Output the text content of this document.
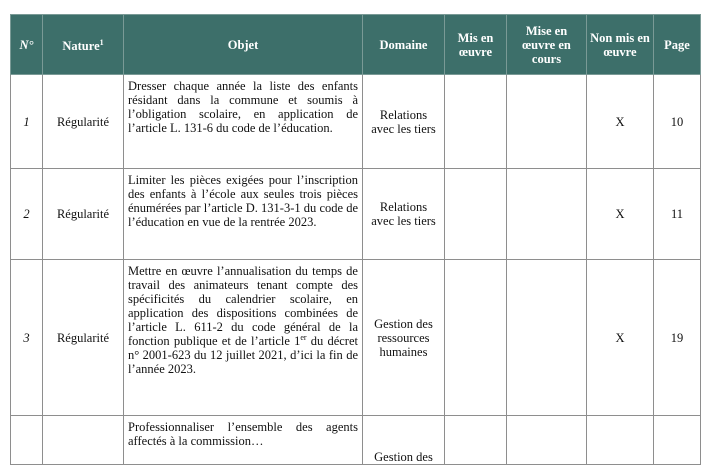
N°	Nature$^1$	Objet	Domaine	Mis en œuvre	Mise en œuvre en cours	Non mis en œuvre	Page
1	Régularité	Dresser chaque année la liste des enfants résidant dans la commune et soumis à l’obligation scolaire, en application de l’article L. 131-6 du code de l’éducation.	Relations avec les tiers			X	10
2	Régularité	Limiter les pièces exigées pour l’inscription des enfants à l’école aux seules trois pièces énumérées par l’article D. 131-3-1 du code de l’éducation en vue de la rentrée 2023.	Relations avec les tiers			X	11
3	Régularité	Mettre en œuvre l’annualisation du temps de travail des animateurs tenant compte des spécificités du calendrier scolaire, en application des dispositions combinées de l’article L. 611-2 du code général de la fonction publique et de l’article 1er du décret n° 2001-623 du 12 juillet 2021, d’ici la fin de l’année 2023.	Gestion des ressources humaines			X	19
		Professionnaliser l’ensemble des agents affectés à la commission…	Gestion des				
